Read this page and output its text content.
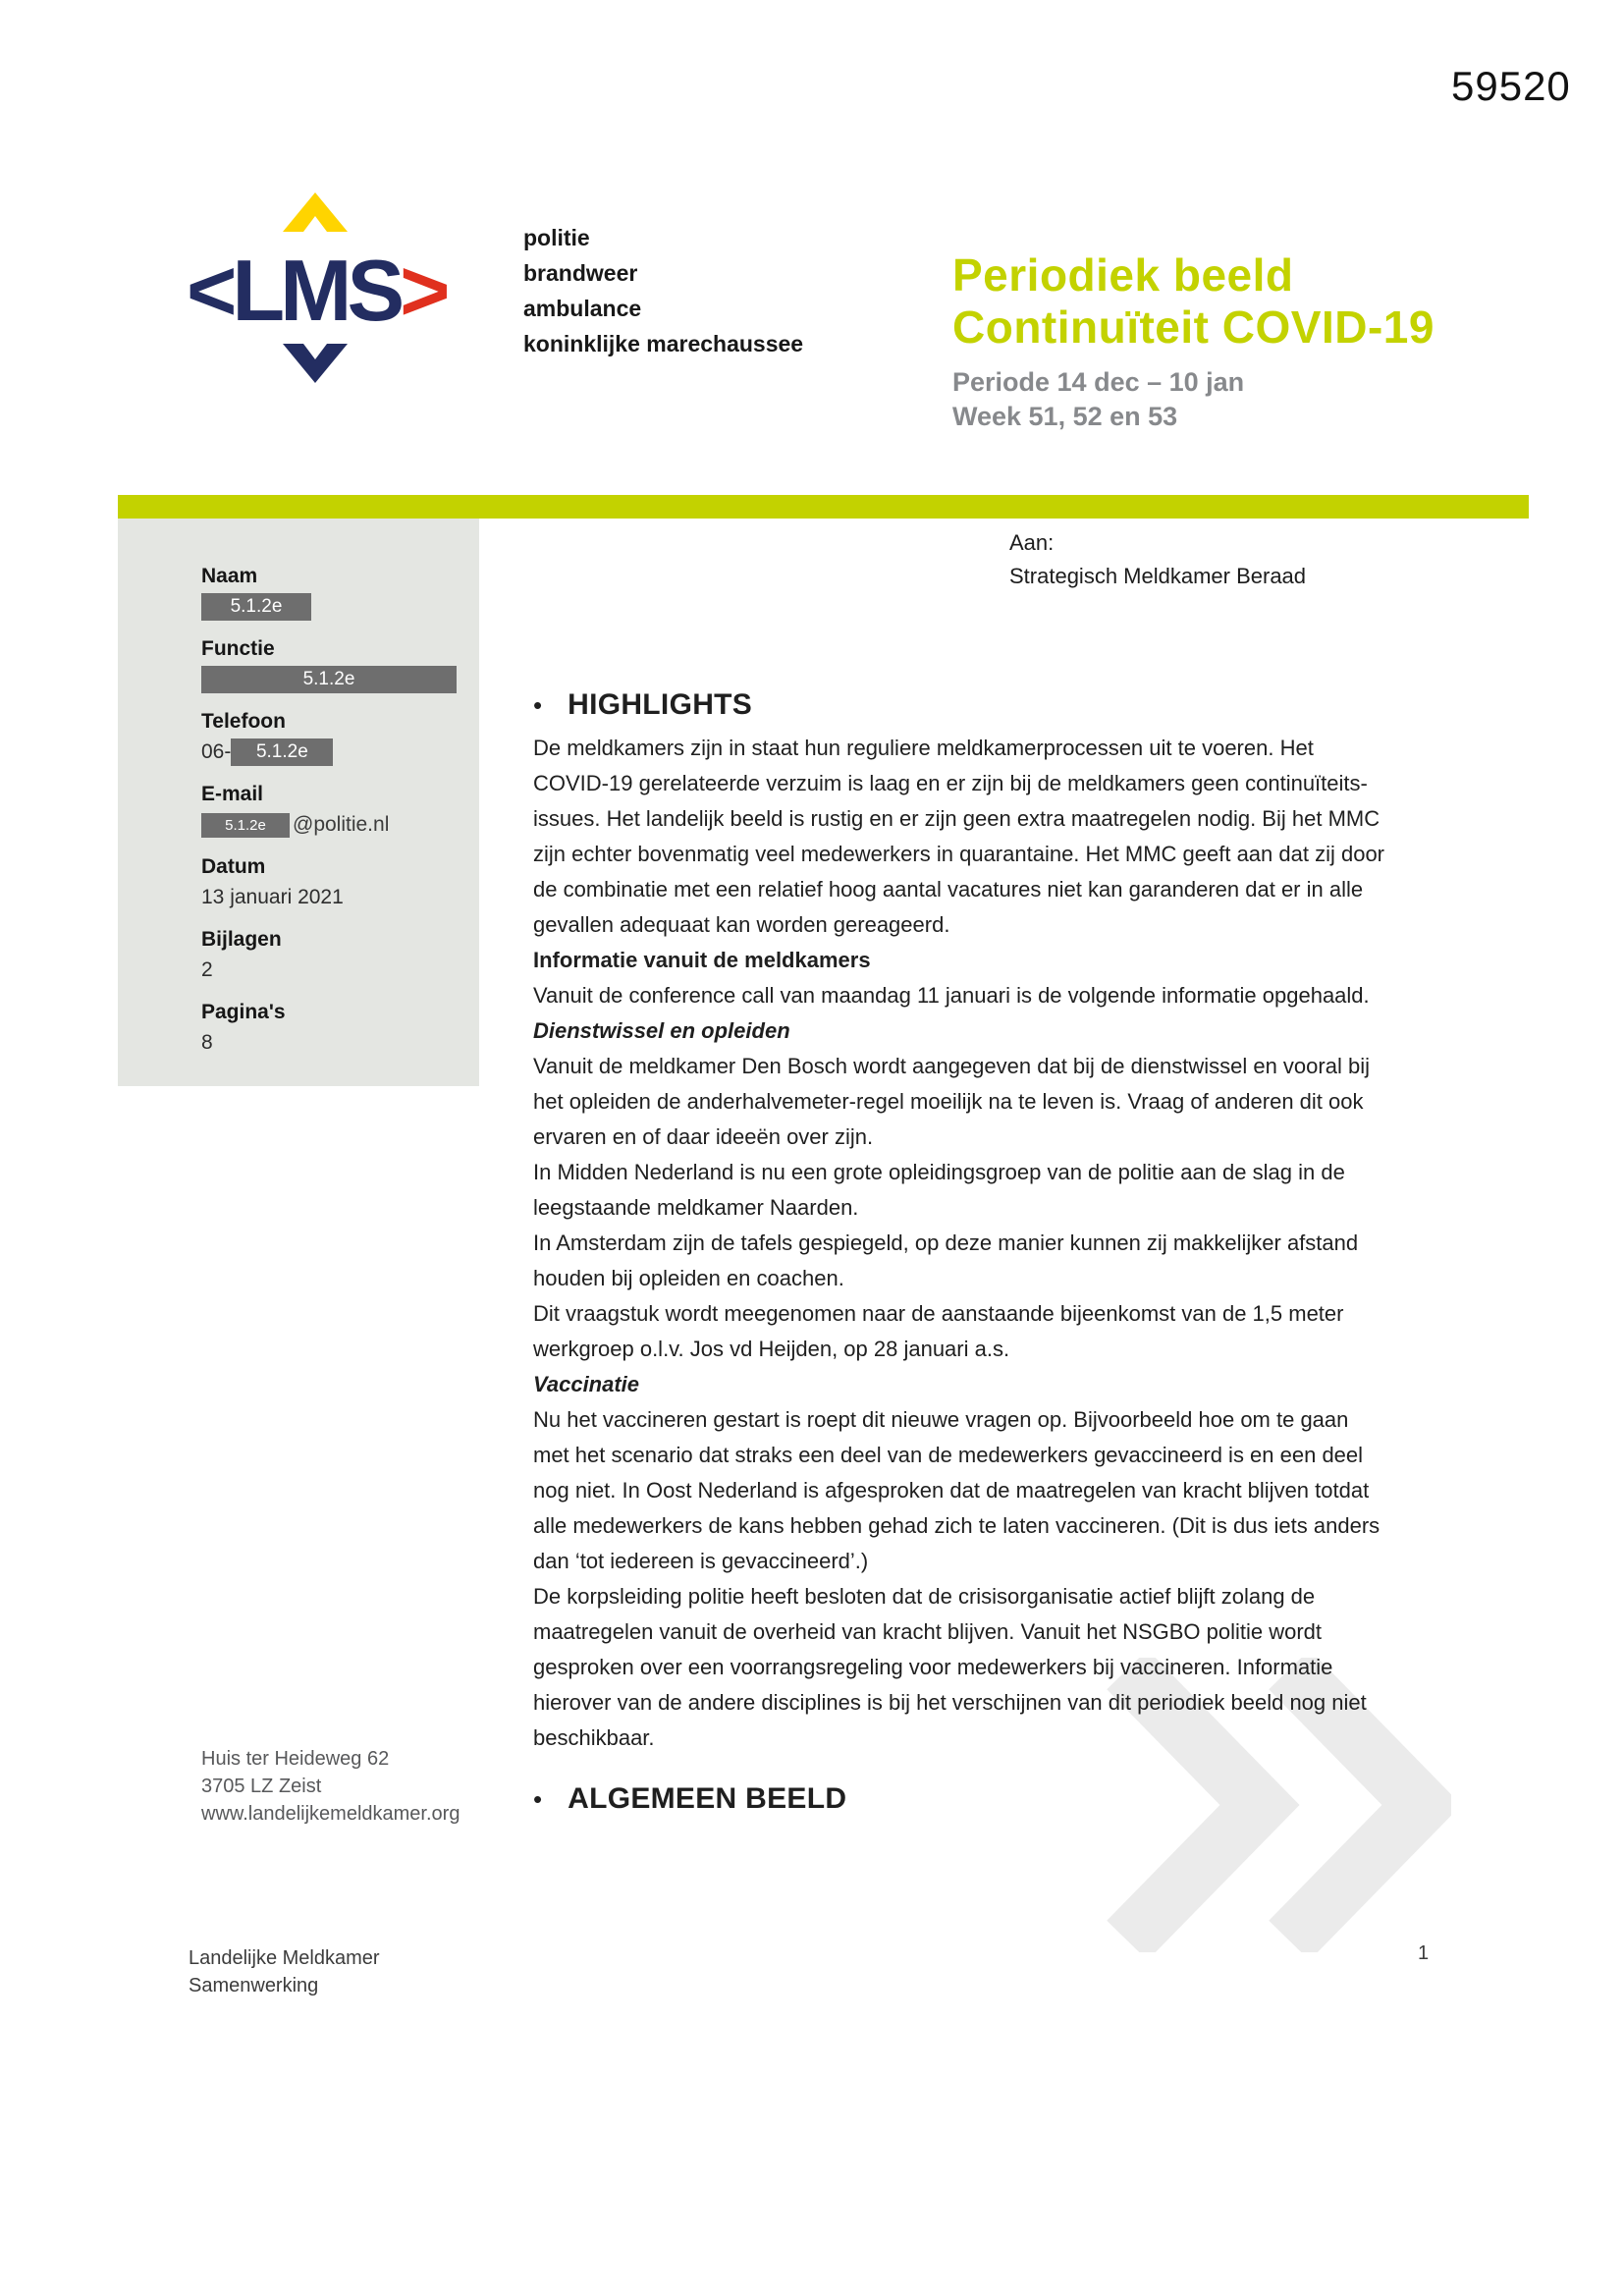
59520
<LMS>
politie
brandweer
ambulance
koninklijke marechaussee
Periodiek beeld
Continuïteit COVID-19
Periode 14 dec – 10 jan
Week 51, 52 en 53
Naam
5.1.2e
Functie
5.1.2e
Telefoon
06- 5.1.2e
E-mail
5.1.2e @politie.nl
Datum
13 januari 2021
Bijlagen
2
Pagina's
8
Huis ter Heideweg 62
3705 LZ Zeist
www.landelijkemeldkamer.org
Landelijke Meldkamer
Samenwerking
1
Aan:
Strategisch Meldkamer Beraad
• HIGHLIGHTS

De meldkamers zijn in staat hun reguliere meldkamerprocessen uit te voeren. Het COVID-19 gerelateerde verzuim is laag en er zijn bij de meldkamers geen continuïteits-issues. Het landelijk beeld is rustig en er zijn geen extra maatregelen nodig. Bij het MMC zijn echter bovenmatig veel medewerkers in quarantaine. Het MMC geeft aan dat zij door de combinatie met een relatief hoog aantal vacatures niet kan garanderen dat er in alle gevallen adequaat kan worden gereageerd.

Informatie vanuit de meldkamers

Vanuit de conference call van maandag 11 januari is de volgende informatie opgehaald.

Dienstwissel en opleiden

Vanuit de meldkamer Den Bosch wordt aangegeven dat bij de dienstwissel en vooral bij het opleiden de anderhalvemeter-regel moeilijk na te leven is. Vraag of anderen dit ook ervaren en of daar ideeën over zijn.

In Midden Nederland is nu een grote opleidingsgroep van de politie aan de slag in de leegstaande meldkamer Naarden.

In Amsterdam zijn de tafels gespiegeld, op deze manier kunnen zij makkelijker afstand houden bij opleiden en coachen.

Dit vraagstuk wordt meegenomen naar de aanstaande bijeenkomst van de 1,5 meter werkgroep o.l.v. Jos vd Heijden, op 28 januari a.s.

Vaccinatie

Nu het vaccineren gestart is roept dit nieuwe vragen op. Bijvoorbeeld hoe om te gaan met het scenario dat straks een deel van de medewerkers gevaccineerd is en een deel nog niet. In Oost Nederland is afgesproken dat de maatregelen van kracht blijven totdat alle medewerkers de kans hebben gehad zich te laten vaccineren. (Dit is dus iets anders dan ‘tot iedereen is gevaccineerd’.)

De korpsleiding politie heeft besloten dat de crisisorganisatie actief blijft zolang de maatregelen vanuit de overheid van kracht blijven. Vanuit het NSGBO politie wordt gesproken over een voorrangsregeling voor medewerkers bij vaccineren. Informatie hierover van de andere disciplines is bij het verschijnen van dit periodiek beeld nog niet beschikbaar.

• ALGEMEEN BEELD
